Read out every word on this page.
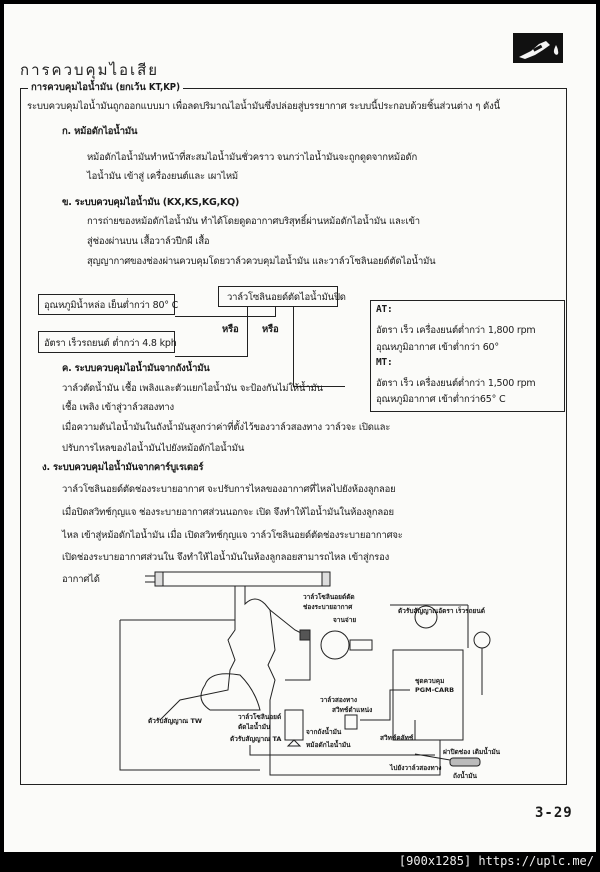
การควบคุมไอเสีย
การควบคุมไอน้ำมัน (ยกเว้น KT,KP)
ระบบควบคุมไอน้ำมันถูกออกแบบมา เพื่อลดปริมาณไอน้ำมันซึ่งปล่อยสู่บรรยากาศ ระบบนี้ประกอบด้วยชิ้นส่วนต่าง ๆ ดังนี้
ก. หม้อดักไอน้ำมัน
หม้อดักไอน้ำมันทำหน้าที่สะสมไอน้ำมันชั่วคราว จนกว่าไอน้ำมันจะถูกดูดจากหม้อดัก
ไอน้ำมัน เข้าสู่ เครื่องยนต์และ เผาไหม้
ข. ระบบควบคุมไอน้ำมัน (KX,KS,KG,KQ)
การถ่ายของหม้อดักไอน้ำมัน ทำได้โดยดูดอากาศบริสุทธิ์ผ่านหม้อดักไอน้ำมัน และเข้า
สู่ช่องผ่านบน เสื้อวาล์วปีกผี เสื้อ
สุญญากาศของช่องผ่านควบคุมโดยวาล์วควบคุมไอน้ำมัน และวาล์วโซลินอยด์ตัดไอน้ำมัน
วาล์วโซลินอยด์ตัดไอน้ำมันปิด
อุณหภูมิน้ำหล่อ เย็นต่ำกว่า 80° C
อัตรา เร็วรถยนต์ ต่ำกว่า 4.8 kph
หรือ หรือ
AT:
อัตรา เร็ว เครื่องยนต์ต่ำกว่า 1,800 rpm
อุณหภูมิอากาศ เข้าต่ำกว่า 60°
MT:
อัตรา เร็ว เครื่องยนต์ต่ำกว่า 1,500 rpm
อุณหภูมิอากาศ เข้าต่ำกว่า65° C
ค. ระบบควบคุมไอน้ำมันจากถังน้ำมัน
วาล์วตัดน้ำมัน เชื้อ เพลิงและตัวแยกไอน้ำมัน จะป้องกันไม่ให้น้ำมัน
เชื้อ เพลิง เข้าสู่วาล์วสองทาง
เมื่อความดันไอน้ำมันในถังน้ำมันสูงกว่าค่าที่ตั้งไว้ของวาล์วสองทาง วาล์วจะ เปิดและ
ปรับการไหลของไอน้ำมันไปยังหม้อดักไอน้ำมัน
ง. ระบบควบคุมไอน้ำมันจากคาร์บูเรเตอร์
วาล์วโซลินอยด์ตัดช่องระบายอากาศ จะปรับการไหลของอากาศที่ไหลไปยังห้องลูกลอย
เมื่อปิดสวิทช์กุญแจ ช่องระบายอากาศส่วนนอกจะ เปิด จึงทำให้ไอน้ำมันในห้องลูกลอย
ไหล เข้าสู่หม้อดักไอน้ำมัน เมื่อ เปิดสวิทช์กุญแจ วาล์วโซลินอยด์ตัดช่องระบายอากาศจะ
เปิดช่องระบายอากาศส่วนใน จึงทำให้ไอน้ำมันในห้องลูกลอยสามารถไหล เข้าสู่กรอง
อากาศได้
วาล์วโซลินอยด์ตัด
ช่องระบายอากาศ	ตัวรับสัญญาณอัตรา เร็วรถยนต์
จานจ่าย
ชุดควบคุม
PGM-CARB
ตัวรับสัญญาณ TW	วาล์วโซลินอยด์
ตัดไอน้ำมัน
วาล์วสองทาง
สวิทช์ตำแหน่ง
ตัวรับสัญญาณ TA
จากถังน้ำมัน
หม้อดักไอน้ำมัน
สวิทช์คลัทช์
ฝาปิดช่อง เติมน้ำมัน
ไปยังวาล์วสองทาง
ถังน้ำมัน
3-29
[900x1285] https://uplc.me/
